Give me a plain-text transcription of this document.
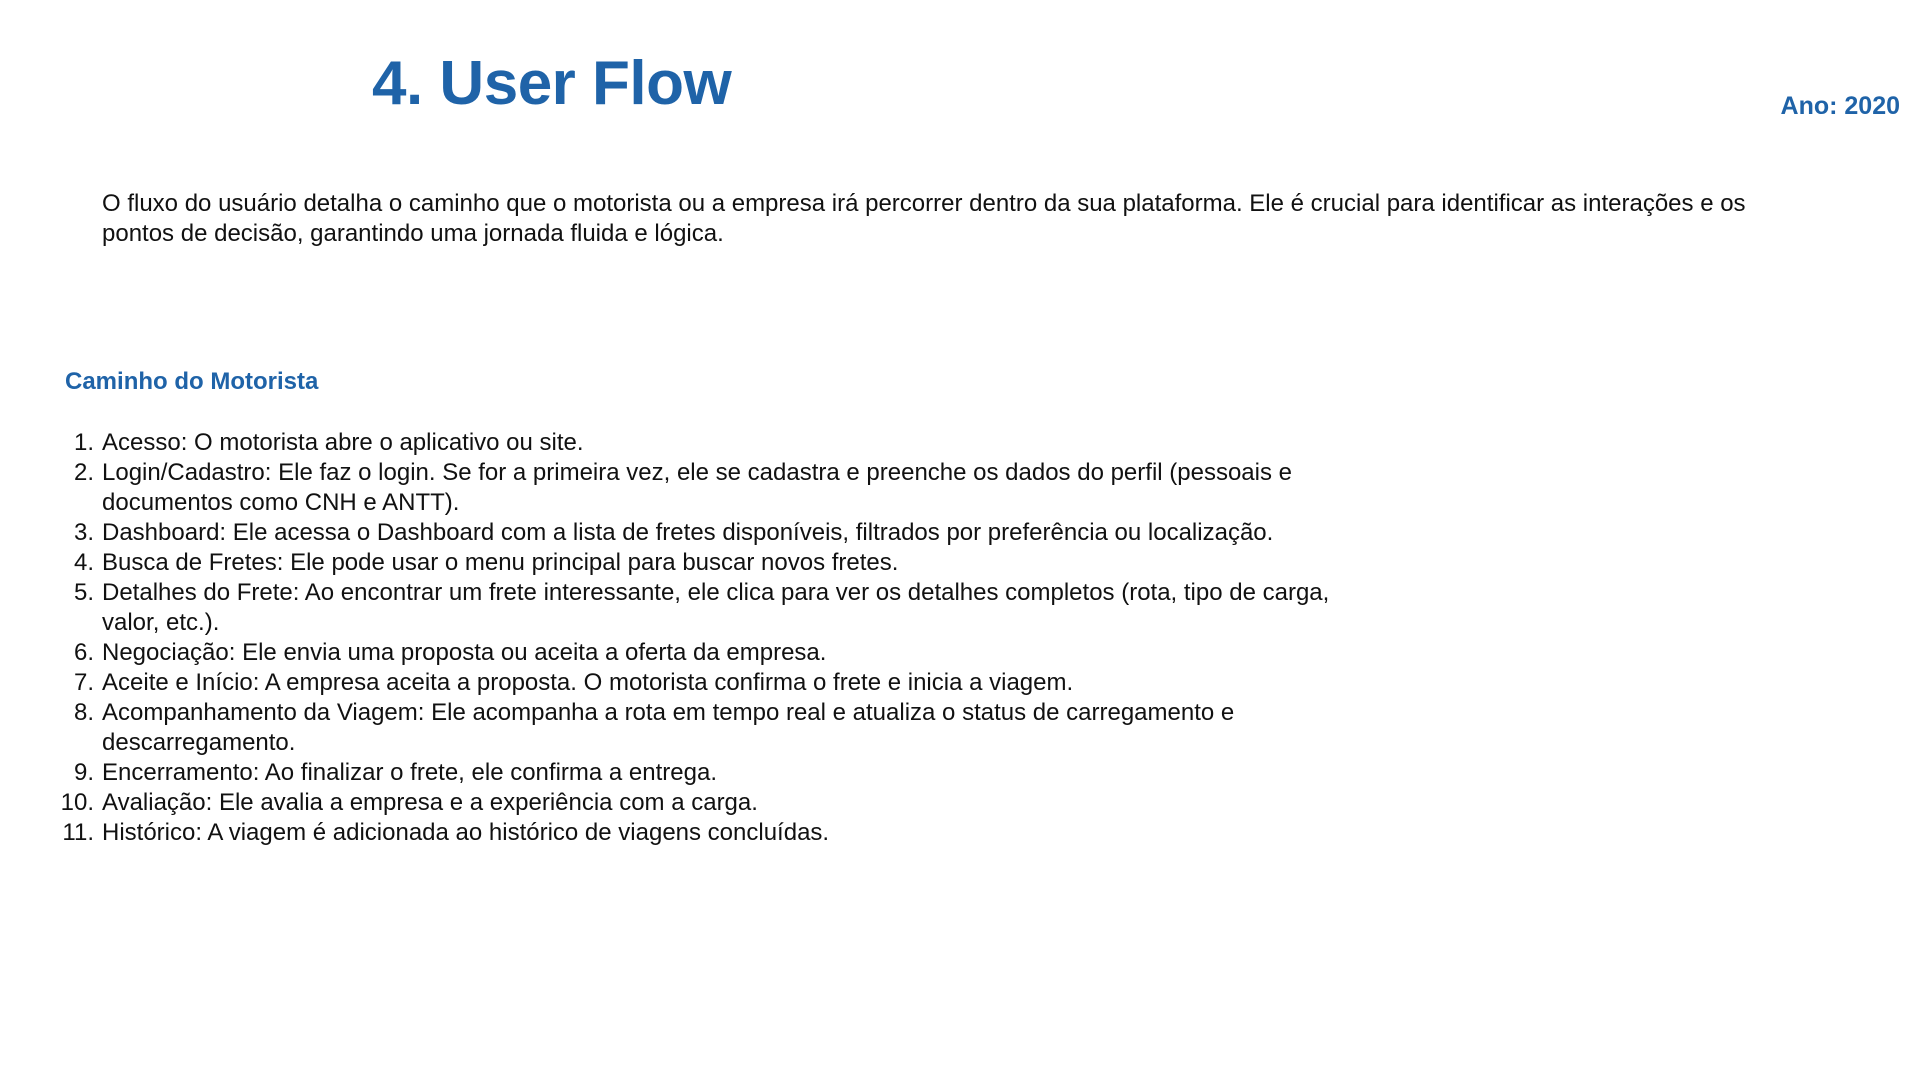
4. User Flow	Ano: 2020

O fluxo do usuário detalha o caminho que o motorista ou a empresa irá percorrer dentro da sua plataforma. Ele é crucial para identificar as interações e os pontos de decisão, garantindo uma jornada fluida e lógica.

Caminho do Motorista
1. Acesso: O motorista abre o aplicativo ou site.
2. Login/Cadastro: Ele faz o login. Se for a primeira vez, ele se cadastra e preenche os dados do perfil (pessoais e documentos como CNH e ANTT).
3. Dashboard: Ele acessa o Dashboard com a lista de fretes disponíveis, filtrados por preferência ou localização.
4. Busca de Fretes: Ele pode usar o menu principal para buscar novos fretes.
5. Detalhes do Frete: Ao encontrar um frete interessante, ele clica para ver os detalhes completos (rota, tipo de carga, valor, etc.).
6. Negociação: Ele envia uma proposta ou aceita a oferta da empresa.
7. Aceite e Início: A empresa aceita a proposta. O motorista confirma o frete e inicia a viagem.
8. Acompanhamento da Viagem: Ele acompanha a rota em tempo real e atualiza o status de carregamento e descarregamento.
9. Encerramento: Ao finalizar o frete, ele confirma a entrega.
10. Avaliação: Ele avalia a empresa e a experiência com a carga.
11. Histórico: A viagem é adicionada ao histórico de viagens concluídas.
